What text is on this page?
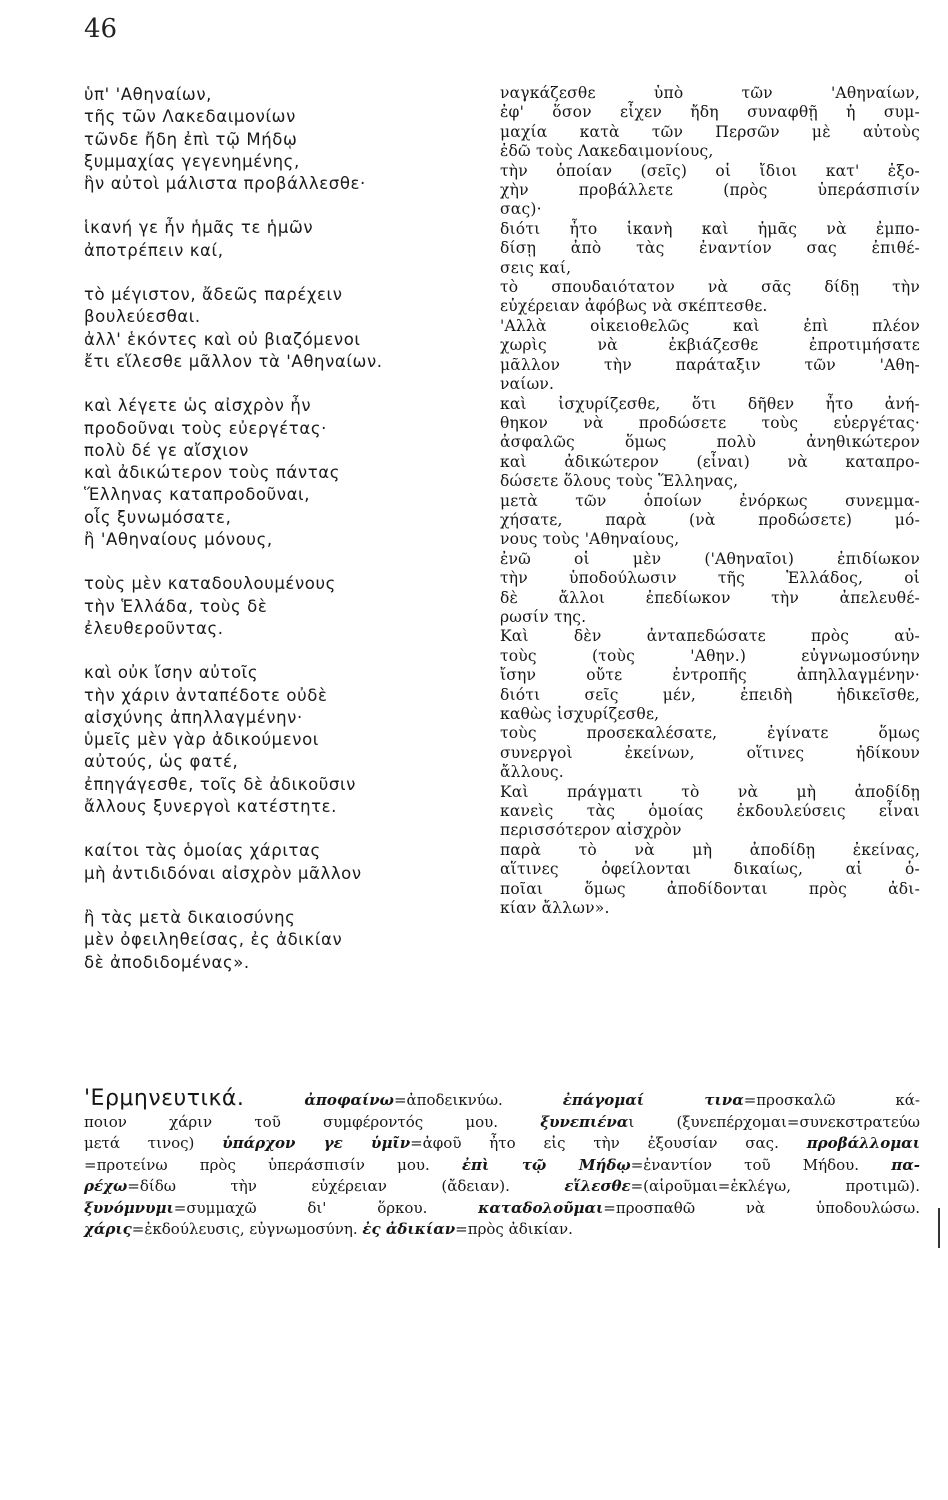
46
ὑπ' 'Αθηναίων,
τῆς τῶν Λακεδαιμονίων
τῶνδε ἤδη ἐπὶ τῷ Μήδῳ
ξυμμαχίας γεγενημένης,
ἣν αὐτοὶ μάλιστα προβάλλεσθε·
ἱκανή γε ἦν ἡμᾶς τε ἡμῶν
ἀποτρέπειν καί,
τὸ μέγιστον, ἄδεῶς παρέχειν
βουλεύεσθαι.
ἀλλ' ἑκόντες καὶ οὐ βιαζόμενοι
ἔτι εἵλεσθε μᾶλλον τὰ 'Αθηναίων.
καὶ λέγετε ὡς αἰσχρὸν ἦν
προδοῦναι τοὺς εὐεργέτας·
πολὺ δέ γε αἴσχιον
καὶ ἀδικώτερον τοὺς πάντας
Ἕλληνας καταπροδοῦναι,
οἷς ξυνωμόσατε,
ἢ 'Αθηναίους μόνους,
τοὺς μὲν καταδουλουμένους
τὴν Ἑλλάδα, τοὺς δὲ
ἐλευθεροῦντας.
καὶ οὐκ ἴσην αὐτοῖς
τὴν χάριν ἀνταπέδοτε οὐδὲ
αἰσχύνης ἀπηλλαγμένην·
ὑμεῖς μὲν γὰρ ἀδικούμενοι
αὐτούς, ὡς φατέ,
ἐπηγάγεσθε, τοῖς δὲ ἀδικοῦσιν
ἄλλους ξυνεργοὶ κατέστητε.
καίτοι τὰς ὁμοίας χάριτας
μὴ ἀντιδιδόναι αἰσχρὸν μᾶλλον
ἢ τὰς μετὰ δικαιοσύνης
μὲν ὀφειληθείσας, ἐς ἀδικίαν
δὲ ἀποδιδομένας».
ναγκάζεσθε ὑπὸ τῶν 'Αθηναίων,
ἐφ' ὅσον εἶχεν ἤδη συναφθῇ ἡ συμ-
μαχία κατὰ τῶν Περσῶν μὲ αὐτοὺς
ἐδῶ τοὺς Λακεδαιμονίους,
τὴν ὁποίαν (σεῖς) οἱ ἴδιοι κατ' ἐξο-
χὴν προβάλλετε (πρὸς ὑπεράσπισίν
σας)·
διότι ἦτο ἱκανὴ καὶ ἡμᾶς νὰ ἐμπο-
δίσῃ ἀπὸ τὰς ἐναντίον σας ἐπιθέ-
σεις καί,
τὸ σπουδαιότατον νὰ σᾶς δίδῃ τὴν
εὐχέρειαν ἀφόβως νὰ σκέπτεσθε.
'Αλλὰ οἰκειοθελῶς καὶ ἐπὶ πλέον
χωρὶς νὰ ἐκβιάζεσθε ἐπροτιμήσατε
μᾶλλον τὴν παράταξιν τῶν 'Αθη-
ναίων.
καὶ ἰσχυρίζεσθε, ὅτι δῆθεν ἦτο ἀνή-
θηκον νὰ προδώσετε τοὺς εὐεργέτας·
ἀσφαλῶς ὅμως πολὺ ἀνηθικώτερον
καὶ ἀδικώτερον (εἶναι) νὰ καταπρο-
δώσετε ὅλους τοὺς Ἕλληνας,
μετὰ τῶν ὁποίων ἐνόρκως συνεμμα-
χήσατε, παρὰ (νὰ προδώσετε) μό-
νους τοὺς 'Αθηναίους,
ἐνῶ οἱ μὲν ('Αθηναῖοι) ἐπιδίωκον
τὴν ὑποδούλωσιν τῆς Ἑλλάδος, οἱ
δὲ ἄλλοι ἐπεδίωκον τὴν ἀπελευθέ-
ρωσίν της.
Καὶ δὲν ἀνταπεδώσατε πρὸς αὐ-
τοὺς (τοὺς 'Αθην.) εὐγνωμοσύνην
ἴσην οὔτε ἐντροπῆς ἀπηλλαγμένην·
διότι σεῖς μέν, ἐπειδὴ ἠδικεῖσθε,
καθὼς ἰσχυρίζεσθε,
τοὺς προσεκαλέσατε, ἐγίνατε ὅμως
συνεργοὶ ἐκείνων, οἵτινες ἠδίκουν
ἄλλους.
Καὶ πράγματι τὸ νὰ μὴ ἀποδίδῃ
κανεὶς τὰς ὁμοίας ἐκδουλεύσεις εἶναι
περισσότερον αἰσχρὸν
παρὰ τὸ νὰ μὴ ἀποδίδῃ ἐκείνας,
αἵτινες ὀφείλονται δικαίως, αἱ ὁ-
ποῖαι ὅμως ἀποδίδονται πρὸς ἀδι-
κίαν ἄλλων».
'Ερμηνευτικά.	ἀποφαίνω=ἀποδεικνύω. ἐπάγομαί τινα=προσκαλῶ κά-
ποιον χάριν τοῦ συμφέροντός μου. ξυνεπιέναι (ξυνεπέρχομαι=συνεκστρατεύω
μετά τινος) ὑπάρχον γε ὑμῖν=ἀφοῦ ἦτο εἰς τὴν ἐξουσίαν σας. προβάλλομαι
=προτείνω πρὸς ὑπεράσπισίν μου. ἐπὶ τῷ Μήδῳ=ἐναντίον τοῦ Μήδου. πα-
ρέχω=δίδω τὴν εὐχέρειαν (ἄδειαν). εἵλεσθε=(αἱροῦμαι=ἐκλέγω, προτιμῶ).
ξυνόμνυμι=συμμαχῶ δι' ὅρκου. καταδολοῦμαι=προσπαθῶ νὰ ὑποδουλώσω.
χάρις=ἐκδούλευσις, εὐγνωμοσύνη. ἐς ἀδικίαν=πρὸς ἀδικίαν.
